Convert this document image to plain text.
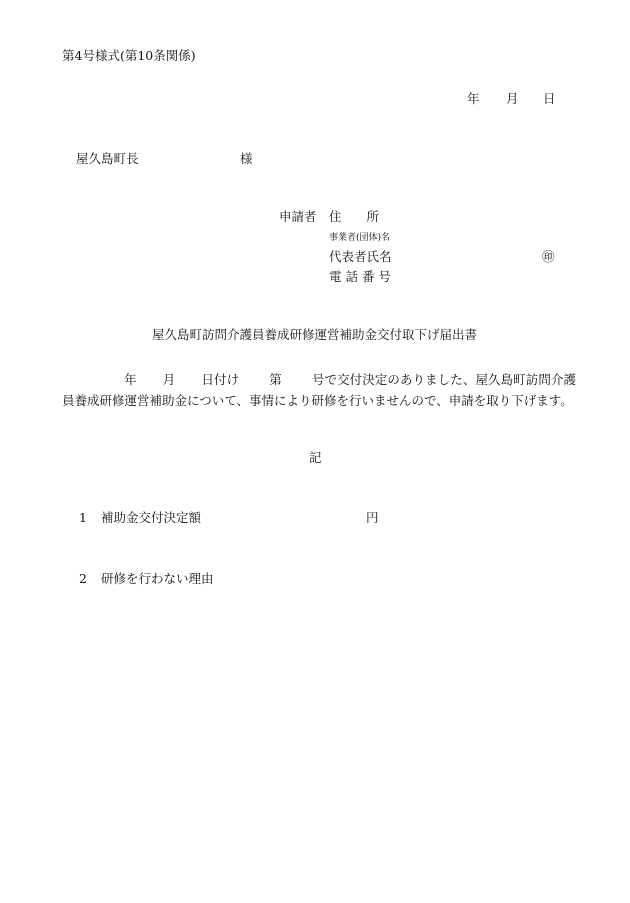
第4号様式(第10条関係)
年 月 日
屋久島町長	様
申請者 住　　所
事業者(団体)名
代表者氏名	㊞
電 話 番 号
屋久島町訪問介護員養成研修運営補助金交付取下げ届出書
年 月 日付け 第 号で交付決定のありました、屋久島町訪問介護員養成研修運営補助金について、事情により研修を行いませんので、申請を取り下げます。
記
1 補助金交付決定額	円
2 研修を行わない理由
